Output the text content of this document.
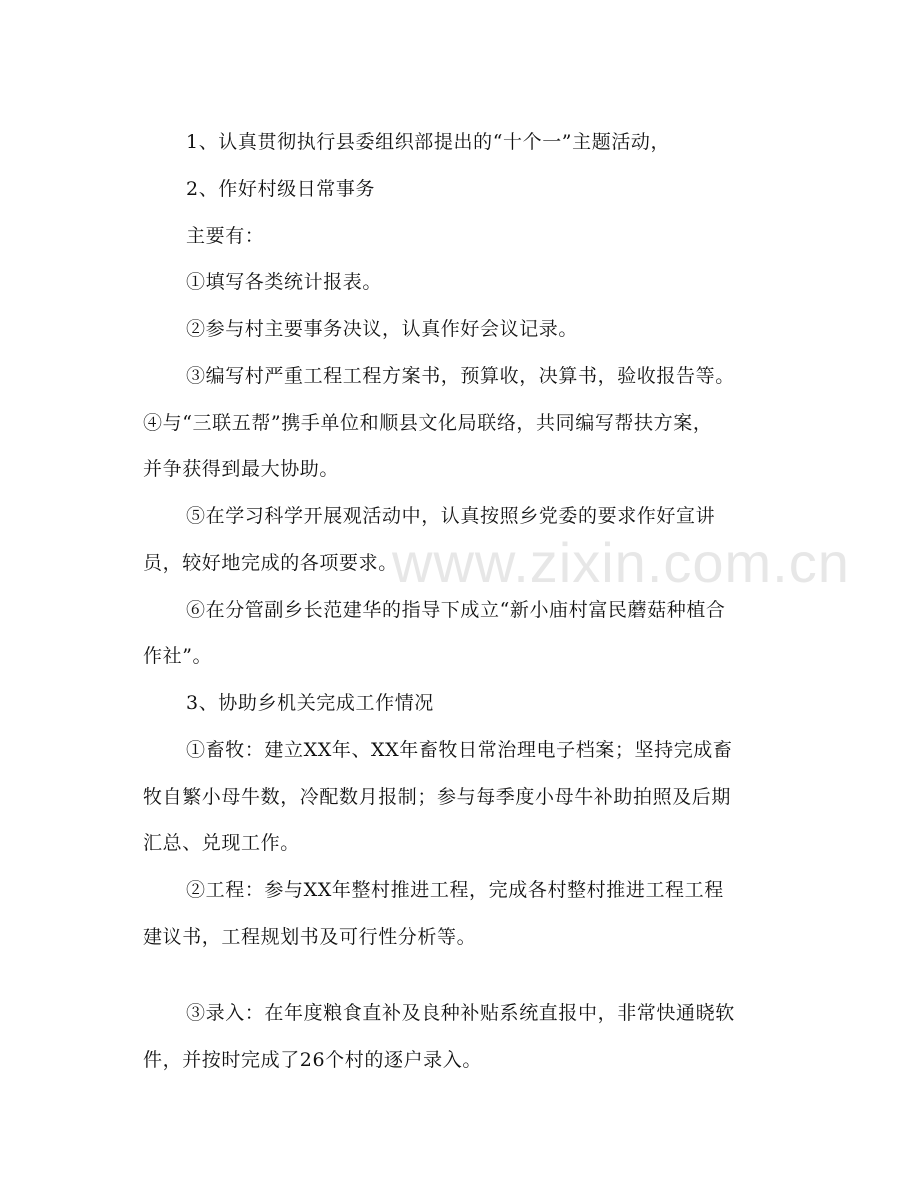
1、认真贯彻执行县委组织部提出的“十个一”主题活动，
2、作好村级日常事务
主要有：
①填写各类统计报表。
②参与村主要事务决议，认真作好会议记录。
③编写村严重工程工程方案书，预算收，决算书，验收报告等。
④与“三联五帮”携手单位和顺县文化局联络，共同编写帮扶方案，
并争获得到最大协助。
⑤在学习科学开展观活动中，认真按照乡党委的要求作好宣讲
员，较好地完成的各项要求。
⑥在分管副乡长范建华的指导下成立“新小庙村富民蘑菇种植合
作社”。
3、协助乡机关完成工作情况
①畜牧：建立XX年、XX年畜牧日常治理电子档案；坚持完成畜
牧自繁小母牛数，冷配数月报制；参与每季度小母牛补助拍照及后期
汇总、兑现工作。
②工程：参与XX年整村推进工程，完成各村整村推进工程工程
建议书，工程规划书及可行性分析等。
③录入：在年度粮食直补及良种补贴系统直报中，非常快通晓软
件，并按时完成了26个村的逐户录入。
www.zixin.com.cn
